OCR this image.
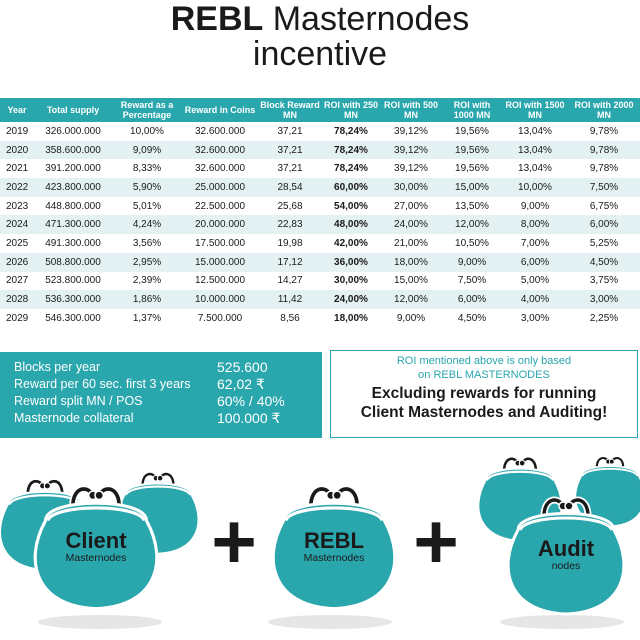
REBL Masternodes
incentive
Year	Total supply	Reward as a Percentage	Reward in Coins	Block Reward MN	ROI with 250 MN	ROI with 500 MN	ROI with 1000 MN	ROI with 1500 MN	ROI with 2000 MN
2019	326.000.000	10,00%	32.600.000	37,21	78,24%	39,12%	19,56%	13,04%	9,78%
2020	358.600.000	9,09%	32.600.000	37,21	78,24%	39,12%	19,56%	13,04%	9,78%
2021	391.200.000	8,33%	32.600.000	37,21	78,24%	39,12%	19,56%	13,04%	9,78%
2022	423.800.000	5,90%	25.000.000	28,54	60,00%	30,00%	15,00%	10,00%	7,50%
2023	448.800.000	5,01%	22.500.000	25,68	54,00%	27,00%	13,50%	9,00%	6,75%
2024	471.300.000	4,24%	20.000.000	22,83	48,00%	24,00%	12,00%	8,00%	6,00%
2025	491.300.000	3,56%	17.500.000	19,98	42,00%	21,00%	10,50%	7,00%	5,25%
2026	508.800.000	2,95%	15.000.000	17,12	36,00%	18,00%	9,00%	6,00%	4,50%
2027	523.800.000	2,39%	12.500.000	14,27	30,00%	15,00%	7,50%	5,00%	3,75%
2028	536.300.000	1,86%	10.000.000	11,42	24,00%	12,00%	6,00%	4,00%	3,00%
2029	546.300.000	1,37%	7.500.000	8,56	18,00%	9,00%	4,50%	3,00%	2,25%
Blocks per year	525.600
Reward per 60 sec. first 3 years 62,02 ₹
Reward split MN / POS	60% / 40%
Masternode collateral	100.000 ₹
ROI mentioned above is only based
on REBL MASTERNODES
Excluding rewards for running
Client Masternodes and Auditing!
Client
Masternodes
REBL
Masternodes	Audit
nodes
+ +
